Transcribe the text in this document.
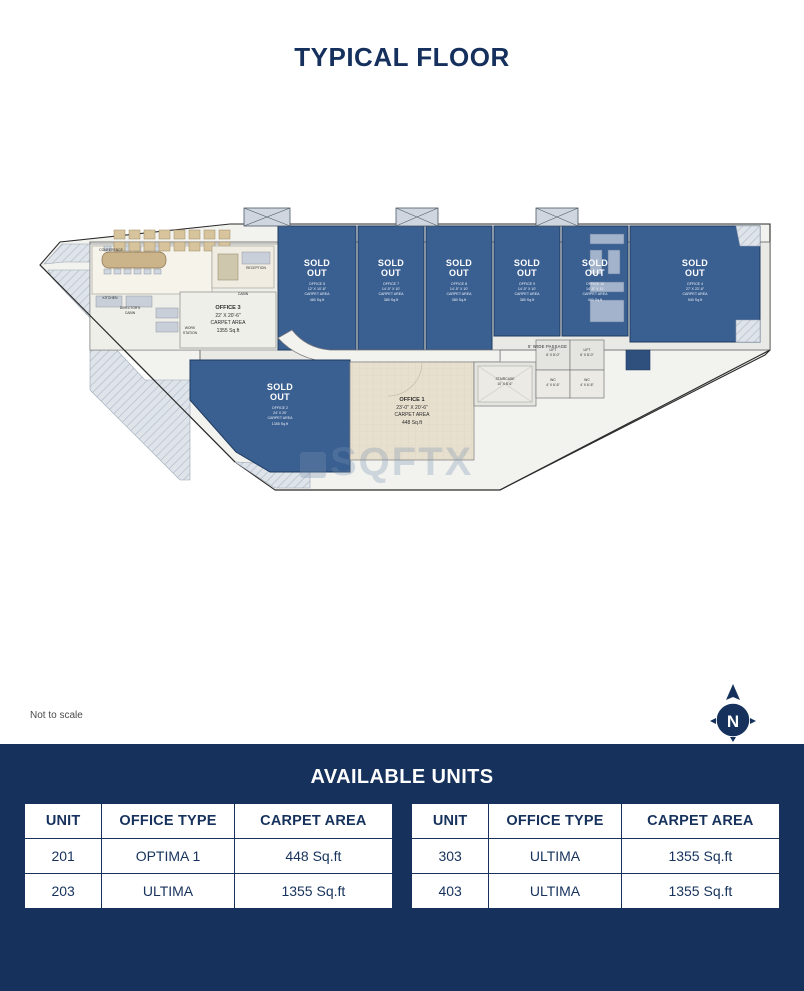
TYPICAL FLOOR
SOLD
OUT
OFFICE 5
12' X 10'-8"
CARPET AREA
460 Sq.ft
SOLD
OUT
OFFICE 7
14'-5" X 10'
CARPET AREA
380 Sq.ft
SOLD
OUT
OFFICE 8
14'-5" X 10'
CARPET AREA
380 Sq.ft
SOLD
OUT
OFFICE 9
14'-5" X 10'
CARPET AREA
380 Sq.ft
SOLD
OUT
OFFICE 10
14'-5" X 11'
CARPET AREA
400 Sq.ft
SOLD
OUT
OFFICE 4
27' X 22'-6"
CARPET AREA
940 Sq.ft
SOLD
OUT
OFFICE 2
24' X 20'
CARPET AREA
1355 Sq.ft
OFFICE 3
22' X 20'-6"
CARPET AREA
1355 Sq.ft
OFFICE 1
23'-0" X 20'-6"
CARPET AREA
448 Sq.ft
STAIRCASE
10' X 8'-6"
WC
4' X 6'-6"
WC
4' X 6'-6"
LIFT
6' X 8'-0"
LIFT
6' X 8'-0"
KITCHEN
RECEPTION
CABIN
DIRECTOR'S
CABIN
WORK
STATION
CONFERENCE
5' WIDE PASSAGE
SQFTX
Not to scale	N
AVAILABLE UNITS
UNIT	OFFICE TYPE	CARPET AREA
201	OPTIMA 1	448 Sq.ft
203	ULTIMA	1355 Sq.ft
UNIT	OFFICE TYPE	CARPET AREA
303	ULTIMA	1355 Sq.ft
403	ULTIMA	1355 Sq.ft
